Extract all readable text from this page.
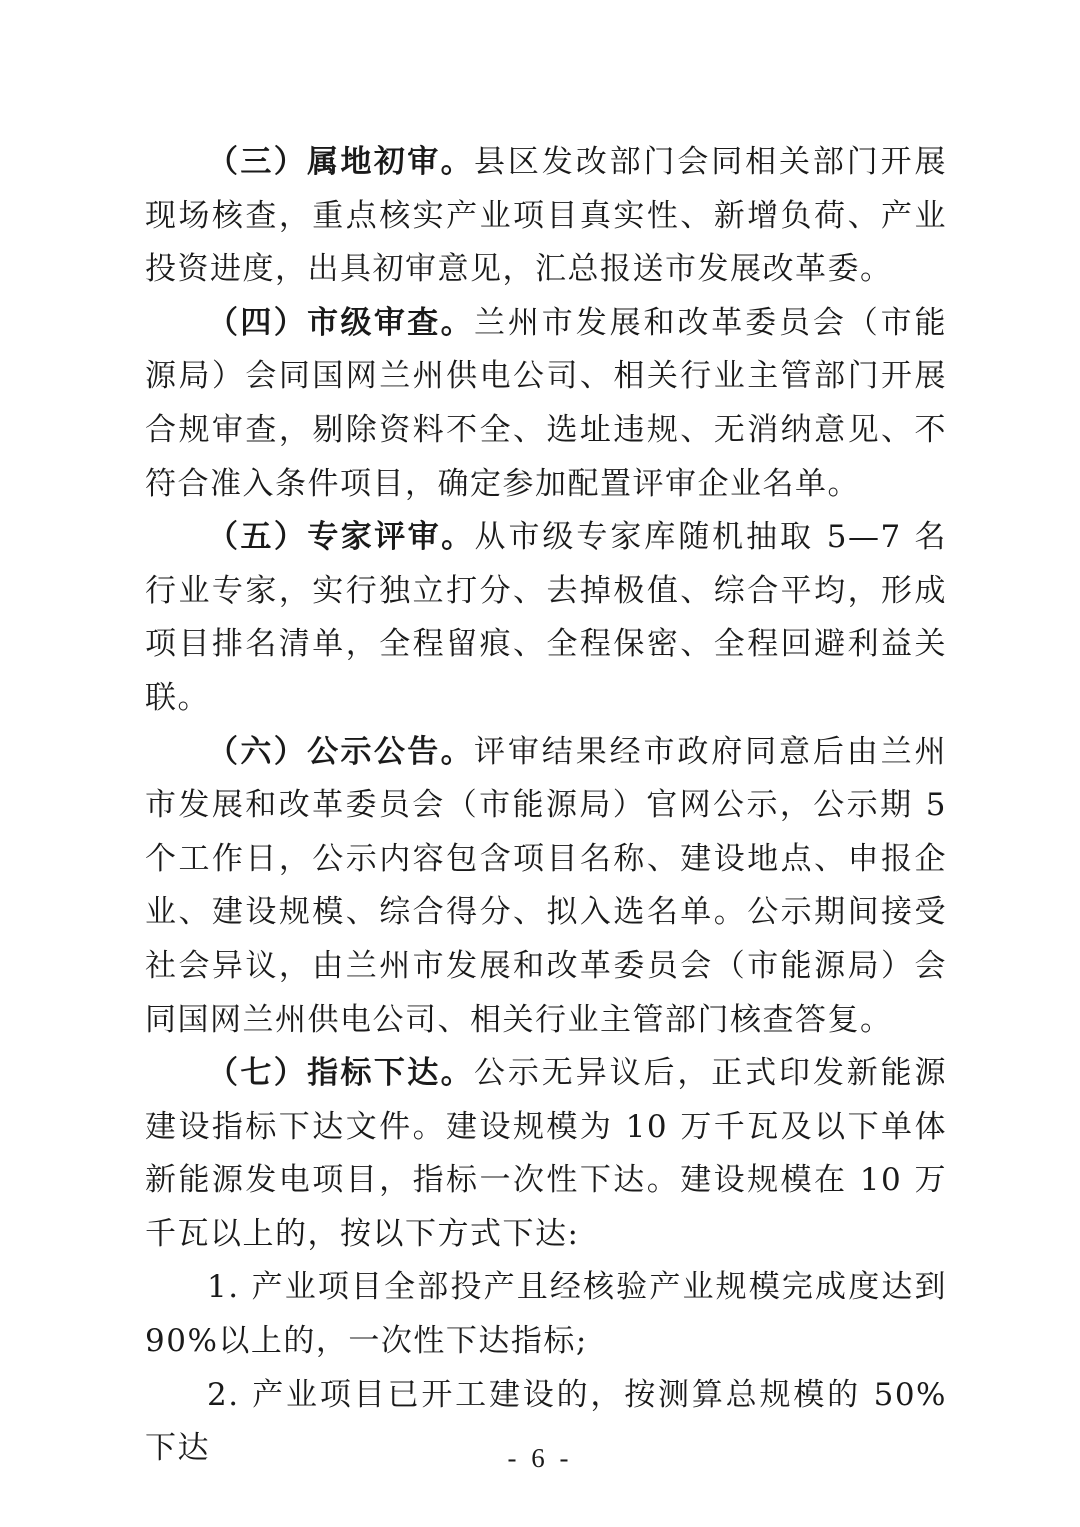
（三）属地初审。县区发改部门会同相关部门开展现场核查，重点核实产业项目真实性、新增负荷、产业投资进度，出具初审意见，汇总报送市发展改革委。

（四）市级审查。兰州市发展和改革委员会（市能源局）会同国网兰州供电公司、相关行业主管部门开展合规审查，剔除资料不全、选址违规、无消纳意见、不符合准入条件项目，确定参加配置评审企业名单。

（五）专家评审。从市级专家库随机抽取 5—7 名行业专家，实行独立打分、去掉极值、综合平均，形成项目排名清单，全程留痕、全程保密、全程回避利益关联。

（六）公示公告。评审结果经市政府同意后由兰州市发展和改革委员会（市能源局）官网公示，公示期 5 个工作日，公示内容包含项目名称、建设地点、申报企业、建设规模、综合得分、拟入选名单。公示期间接受社会异议，由兰州市发展和改革委员会（市能源局）会同国网兰州供电公司、相关行业主管部门核查答复。

（七）指标下达。公示无异议后，正式印发新能源建设指标下达文件。建设规模为 10 万千瓦及以下单体新能源发电项目，指标一次性下达。建设规模在 10 万千瓦以上的，按以下方式下达:

1. 产业项目全部投产且经核验产业规模完成度达到 90%以上的，一次性下达指标;

2. 产业项目已开工建设的，按测算总规模的 50% 下达	- 6 -
